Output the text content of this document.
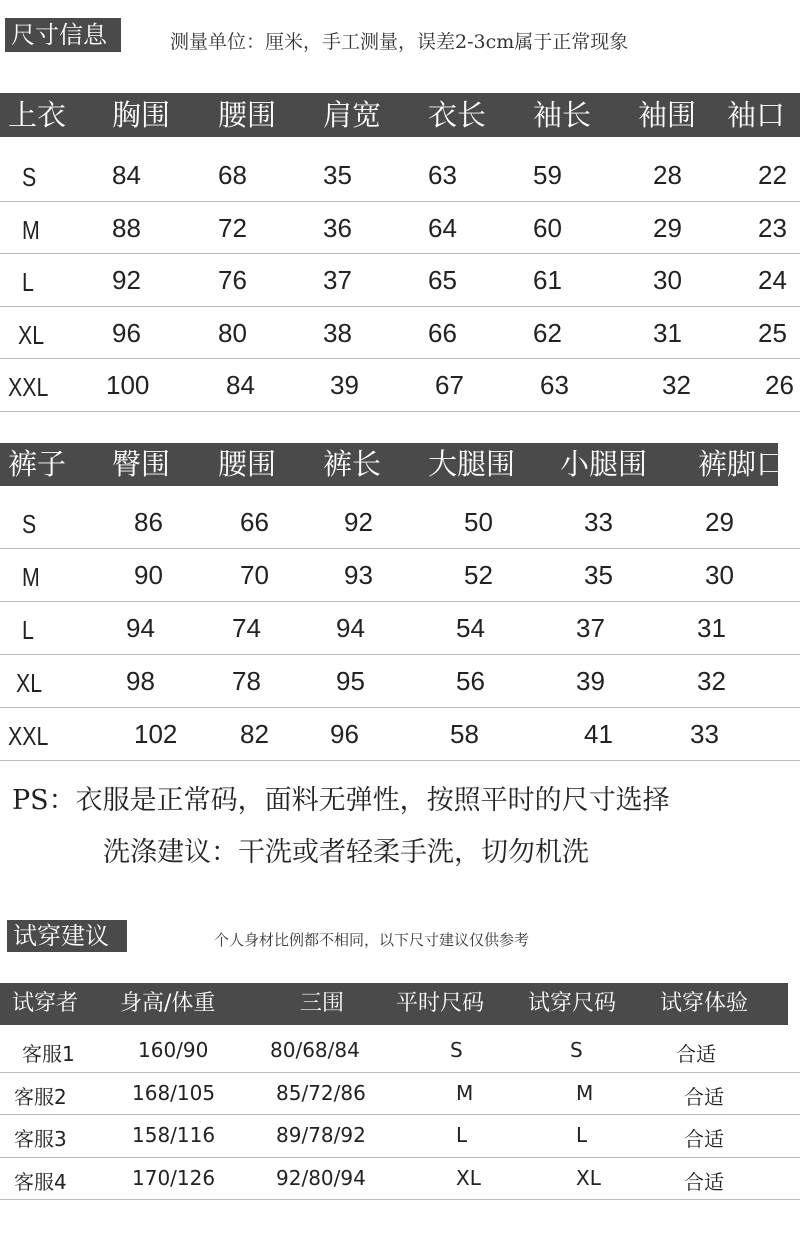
尺寸信息	测量单位：厘米，手工测量，误差2-3cm属于正常现象
上衣 胸围 腰围 肩宽 衣长 袖长 袖围 袖口
S	84	68	35	63	59	28	22
M	88	72	36	64	60	29	23
L	92	76	37	65	61	30	24
XL	96	80	38	66	62	31	25
XXL 100	84	39	67	63	32	26
裤子 臀围 腰围 裤长 大腿围 小腿围 裤脚口
S	86	66	92	50	33	29
M	90	70	93	52	35	30
L	94	74	94	54	37	31
XL	98	78	95	56	39	32
XXL	102 82 96	58	41	33
PS：衣服是正常码，面料无弹性，按照平时的尺寸选择
洗涤建议：干洗或者轻柔手洗，切勿机洗
试穿建议	个人身材比例都不相同，以下尺寸建议仅供参考
试穿者 身高/体重	三围 平时尺码 试穿尺码 试穿体验
客服1	160/90	80/68/84	S	S	合适
客服2	168/105	85/72/86	M	M	合适
客服3	158/116	89/78/92	L	L	合适
客服4	170/126	92/80/94	XL	XL	合适
